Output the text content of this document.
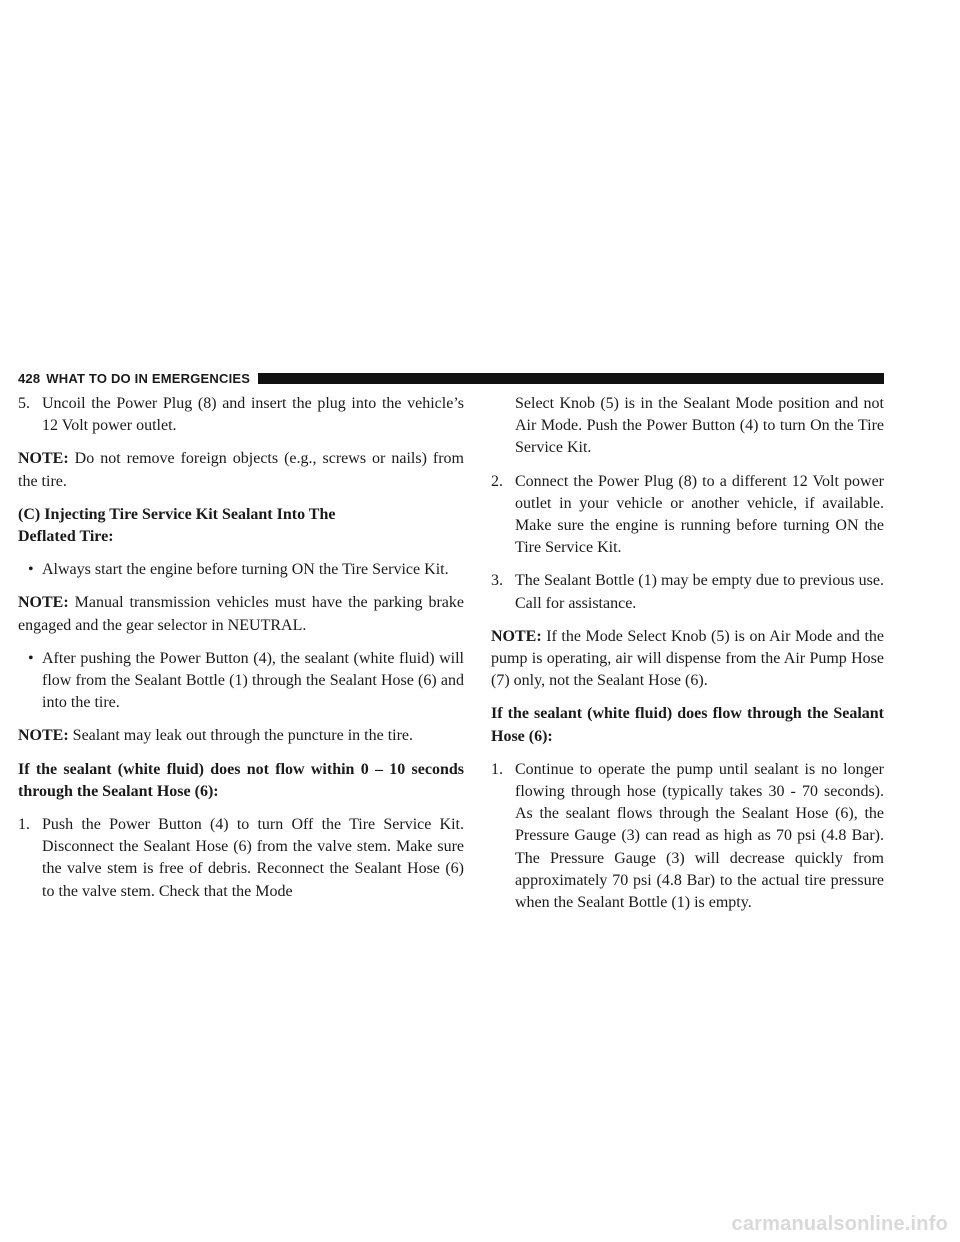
428 WHAT TO DO IN EMERGENCIES

5. Uncoil the Power Plug (8) and insert the plug into the vehicle’s 12 Volt power outlet.

NOTE: Do not remove foreign objects (e.g., screws or nails) from the tire.

(C) Injecting Tire Service Kit Sealant Into The Deflated Tire:

• Always start the engine before turning ON the Tire Service Kit.

NOTE: Manual transmission vehicles must have the parking brake engaged and the gear selector in NEUTRAL.

• After pushing the Power Button (4), the sealant (white fluid) will flow from the Sealant Bottle (1) through the Sealant Hose (6) and into the tire.

NOTE: Sealant may leak out through the puncture in the tire.

If the sealant (white fluid) does not flow within 0 – 10 seconds through the Sealant Hose (6):

1. Push the Power Button (4) to turn Off the Tire Service Kit. Disconnect the Sealant Hose (6) from the valve stem. Make sure the valve stem is free of debris. Reconnect the Sealant Hose (6) to the valve stem. Check that the Mode

Select Knob (5) is in the Sealant Mode position and not Air Mode. Push the Power Button (4) to turn On the Tire Service Kit.

2. Connect the Power Plug (8) to a different 12 Volt power outlet in your vehicle or another vehicle, if available. Make sure the engine is running before turning ON the Tire Service Kit.

3. The Sealant Bottle (1) may be empty due to previous use. Call for assistance.

NOTE: If the Mode Select Knob (5) is on Air Mode and the pump is operating, air will dispense from the Air Pump Hose (7) only, not the Sealant Hose (6).

If the sealant (white fluid) does flow through the Sealant Hose (6):

1. Continue to operate the pump until sealant is no longer flowing through hose (typically takes 30 - 70 seconds). As the sealant flows through the Sealant Hose (6), the Pressure Gauge (3) can read as high as 70 psi (4.8 Bar). The Pressure Gauge (3) will decrease quickly from approximately 70 psi (4.8 Bar) to the actual tire pressure when the Sealant Bottle (1) is empty.

carmanualsonline.info
